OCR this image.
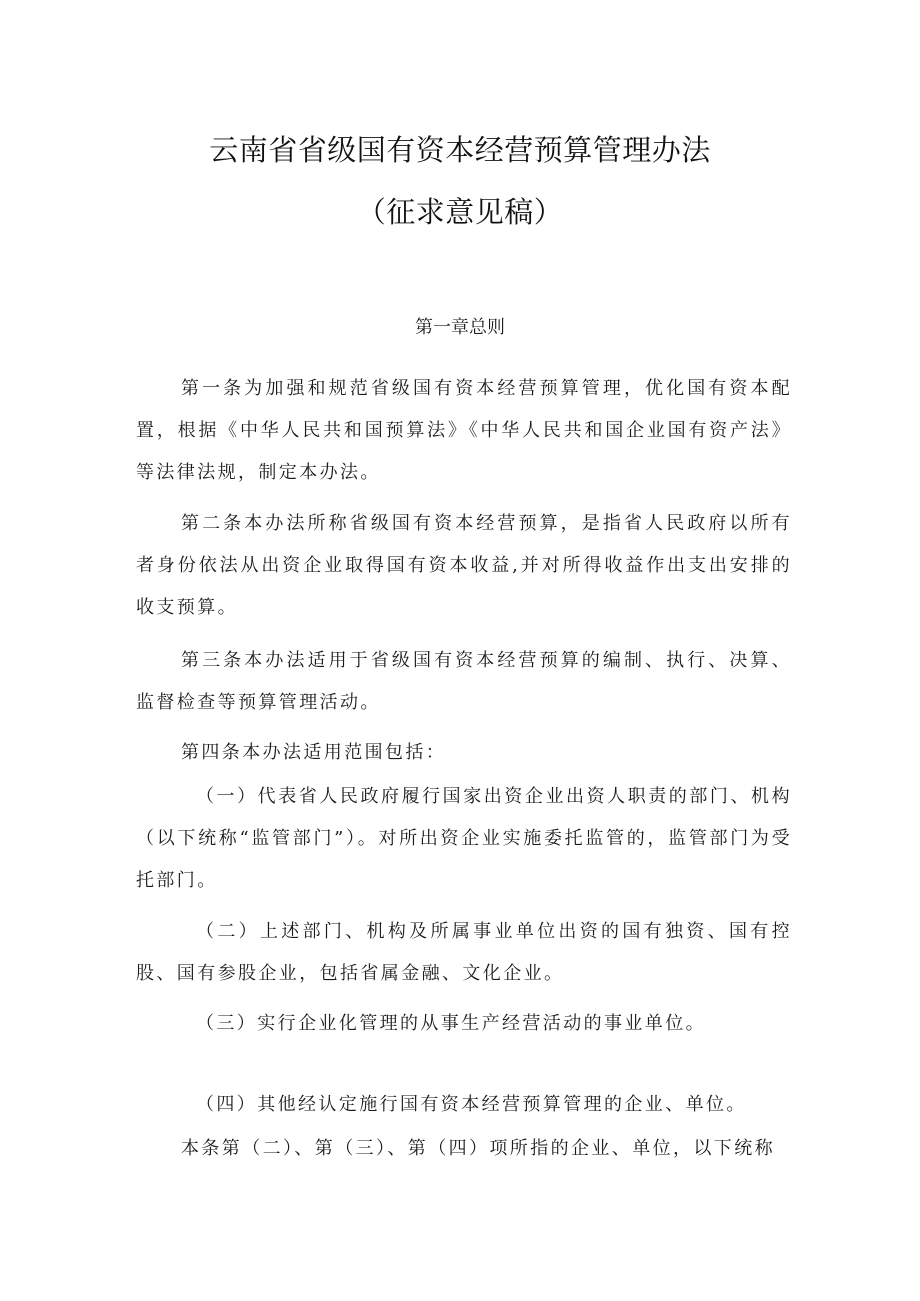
云南省省级国有资本经营预算管理办法
（征求意见稿）
第一章总则

第一条为加强和规范省级国有资本经营预算管理，优化国有资本配置，根据《中华人民共和国预算法》《中华人民共和国企业国有资产法》等法律法规，制定本办法。

第二条本办法所称省级国有资本经营预算，是指省人民政府以所有者身份依法从出资企业取得国有资本收益,并对所得收益作出支出安排的收支预算。

第三条本办法适用于省级国有资本经营预算的编制、执行、决算、监督检查等预算管理活动。

第四条本办法适用范围包括：

（一）代表省人民政府履行国家出资企业出资人职责的部门、机构（以下统称“监管部门”）。对所出资企业实施委托监管的，监管部门为受托部门。

（二）上述部门、机构及所属事业单位出资的国有独资、国有控股、国有参股企业，包括省属金融、文化企业。

（三）实行企业化管理的从事生产经营活动的事业单位。

（四）其他经认定施行国有资本经营预算管理的企业、单位。

本条第（二）、第（三）、第（四）项所指的企业、单位，以下统称
